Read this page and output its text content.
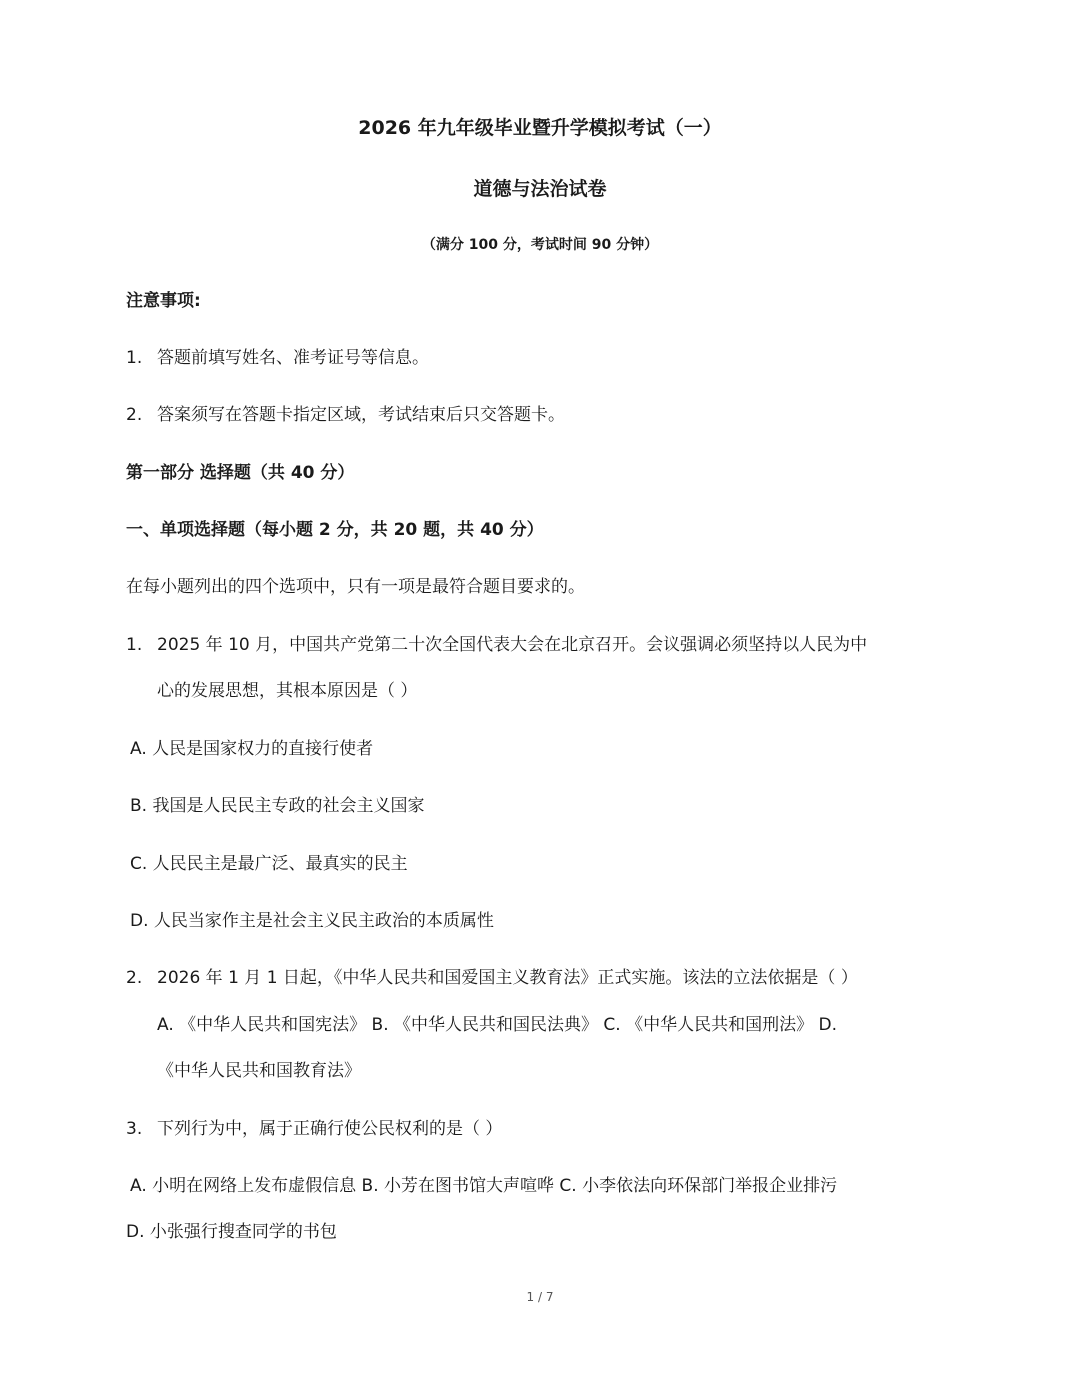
2026 年九年级毕业暨升学模拟考试（一）
道德与法治试卷
（满分 100 分，考试时间 90 分钟）
注意事项:
1. 答题前填写姓名、准考证号等信息。
2. 答案须写在答题卡指定区域，考试结束后只交答题卡。
第一部分 选择题（共 40 分）
一、单项选择题（每小题 2 分，共 20 题，共 40 分）
在每小题列出的四个选项中，只有一项是最符合题目要求的。
1. 2025 年 10 月，中国共产党第二十次全国代表大会在北京召开。会议强调必须坚持以人民为中
心的发展思想，其根本原因是（ ）
A. 人民是国家权力的直接行使者
B. 我国是人民民主专政的社会主义国家
C. 人民民主是最广泛、最真实的民主
D. 人民当家作主是社会主义民主政治的本质属性
2. 2026 年 1 月 1 日起，《中华人民共和国爱国主义教育法》正式实施。该法的立法依据是（ ）
A. 《中华人民共和国宪法》 B. 《中华人民共和国民法典》 C. 《中华人民共和国刑法》 D.
《中华人民共和国教育法》
3. 下列行为中，属于正确行使公民权利的是（ ）
A. 小明在网络上发布虚假信息 B. 小芳在图书馆大声喧哗 C. 小李依法向环保部门举报企业排污
D. 小张强行搜查同学的书包
1 / 7
